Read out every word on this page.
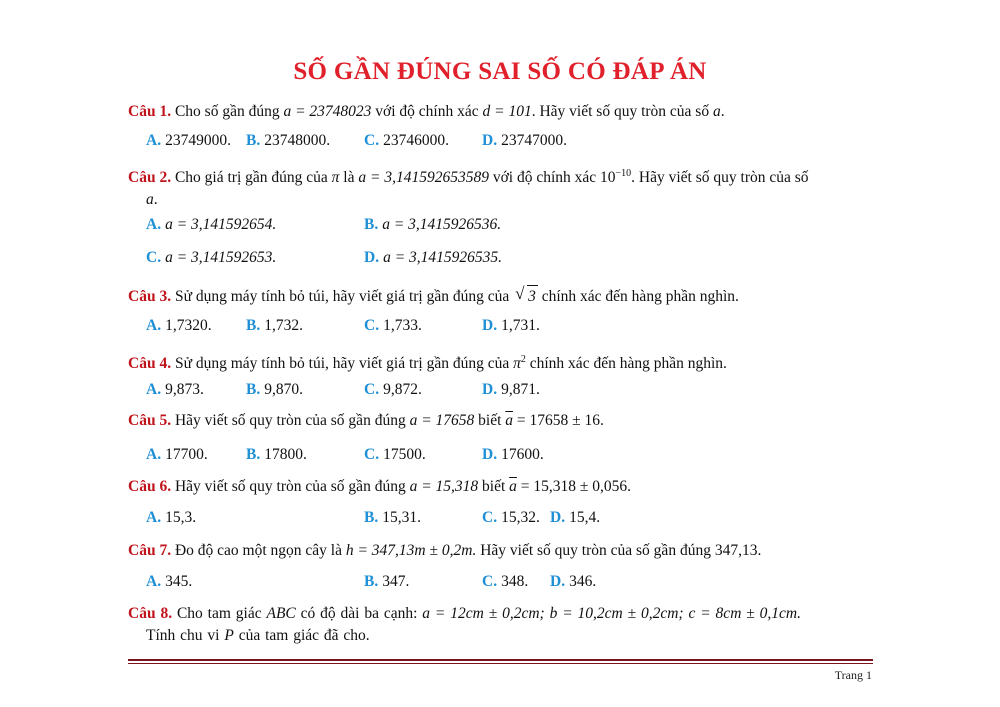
SỐ GẦN ĐÚNG SAI SỐ CÓ ĐÁP ÁN
Câu 1. Cho số gần đúng a = 23748023 với độ chính xác d = 101. Hãy viết số quy tròn của số a.
A. 23749000. B. 23748000. C. 23746000. D. 23747000.
Câu 2. Cho giá trị gần đúng của π là a = 3,141592653589 với độ chính xác $10^{-10}$. Hãy viết số quy tròn của số
a.
A. a = 3,141592654.	B. a = 3,1415926536.
C. a = 3,141592653.	D. a = 3,1415926535.
Câu 3. Sử dụng máy tính bỏ túi, hãy viết giá trị gần đúng của √ 3 chính xác đến hàng phần nghìn.
A. 1,7320. B. 1,732.	C. 1,733.	D. 1,731.
Câu 4. Sử dụng máy tính bỏ túi, hãy viết giá trị gần đúng của $\pi^2$ chính xác đến hàng phần nghìn.
A. 9,873.	B. 9,870.	C. 9,872.	D. 9,871.
Câu 5. Hãy viết số quy tròn của số gần đúng a = 17658 biết $\overline{a} = 17658 \pm 16$.
A. 17700. B. 17800.	C. 17500.	D. 17600.
Câu 6. Hãy viết số quy tròn của số gần đúng a = 15,318 biết $\overline{a} = 15,318 \pm 0,056$.
A. 15,3.	B. 15,31.	C. 15,32. D. 15,4.
Câu 7. Đo độ cao một ngọn cây là h = 347,13m ± 0,2m. Hãy viết số quy tròn của số gần đúng 347,13.
A. 345.	B. 347.	C. 348. D. 346.
Câu 8. Cho tam giác ABC có độ dài ba cạnh: a = 12cm ± 0,2cm; b = 10,2cm ± 0,2cm; c = 8cm ± 0,1cm.
Tính chu vi P của tam giác đã cho.
Trang 1
